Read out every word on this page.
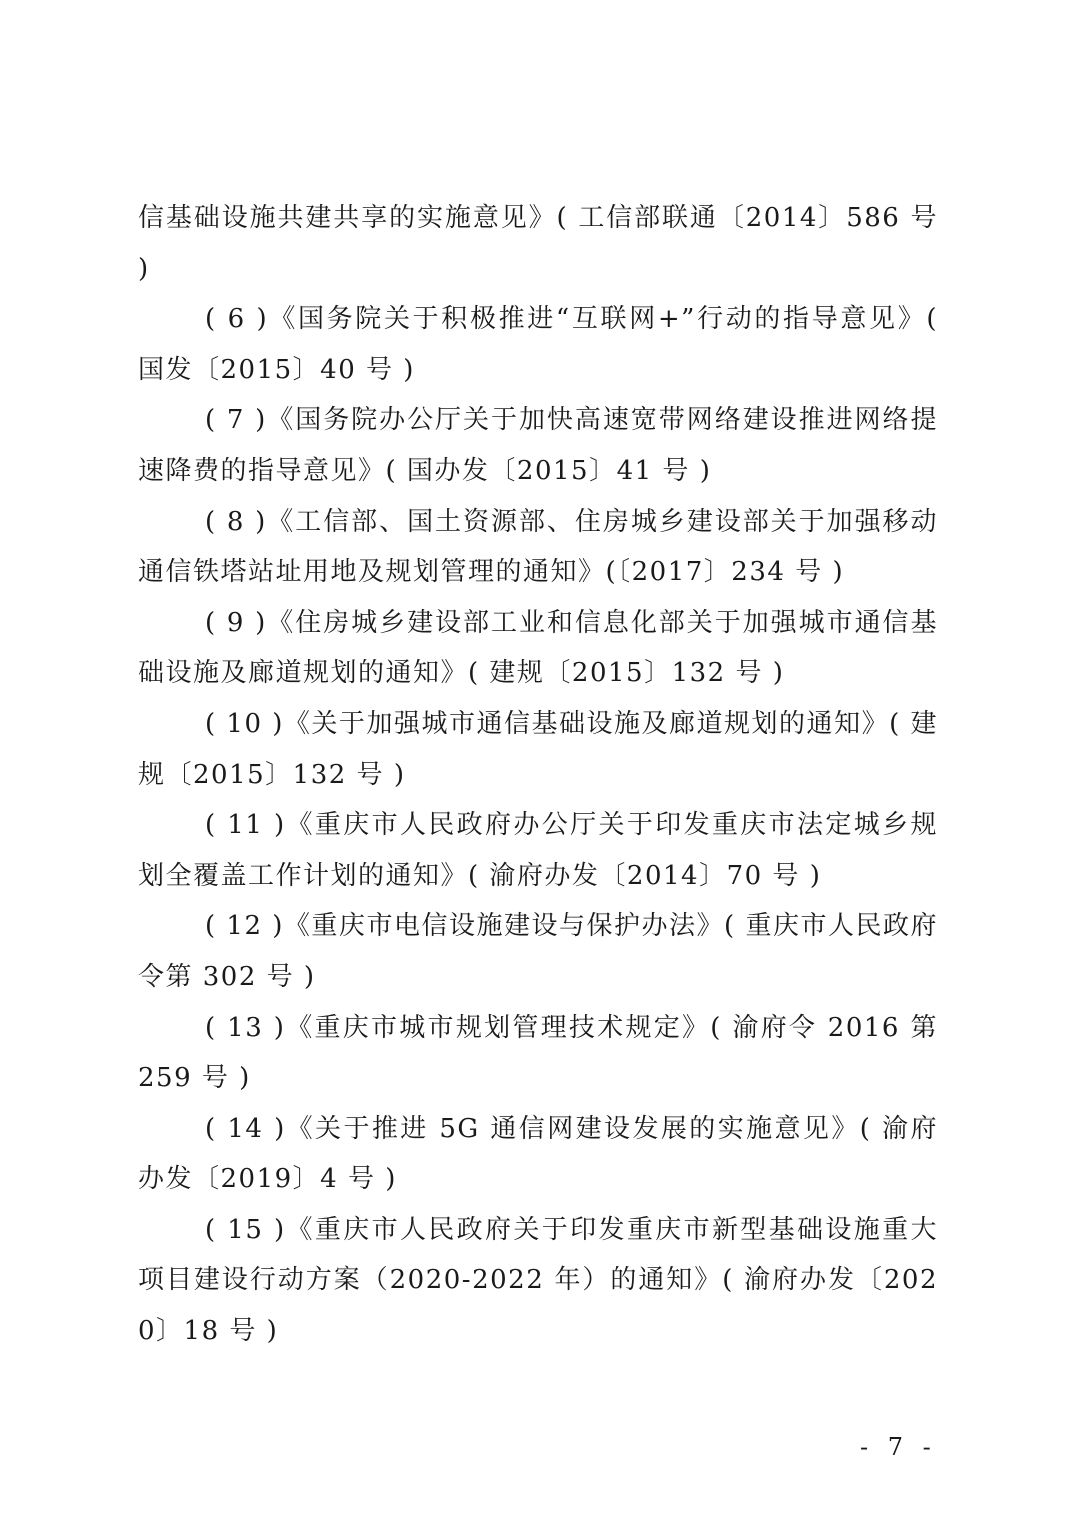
信基础设施共建共享的实施意见》( 工信部联通〔2014〕586 号 )

( 6 )《国务院关于积极推进“互联网+”行动的指导意见》( 国发〔2015〕40 号 )

( 7 )《国务院办公厅关于加快高速宽带网络建设推进网络提速降费的指导意见》( 国办发〔2015〕41 号 )

( 8 )《工信部、国土资源部、住房城乡建设部关于加强移动通信铁塔站址用地及规划管理的通知》(〔2017〕234 号 )

( 9 )《住房城乡建设部工业和信息化部关于加强城市通信基础设施及廊道规划的通知》( 建规〔2015〕132 号 )

( 10 )《关于加强城市通信基础设施及廊道规划的通知》( 建规〔2015〕132 号 )

( 11 )《重庆市人民政府办公厅关于印发重庆市法定城乡规划全覆盖工作计划的通知》( 渝府办发〔2014〕70 号 )

( 12 )《重庆市电信设施建设与保护办法》( 重庆市人民政府令第 302 号 )

( 13 )《重庆市城市规划管理技术规定》( 渝府令 2016 第 259 号 )

( 14 )《关于推进 5G 通信网建设发展的实施意见》( 渝府办发〔2019〕4 号 )

( 15 )《重庆市人民政府关于印发重庆市新型基础设施重大项目建设行动方案（2020-2022 年）的通知》( 渝府办发〔2020〕18 号 )

- 7 -
